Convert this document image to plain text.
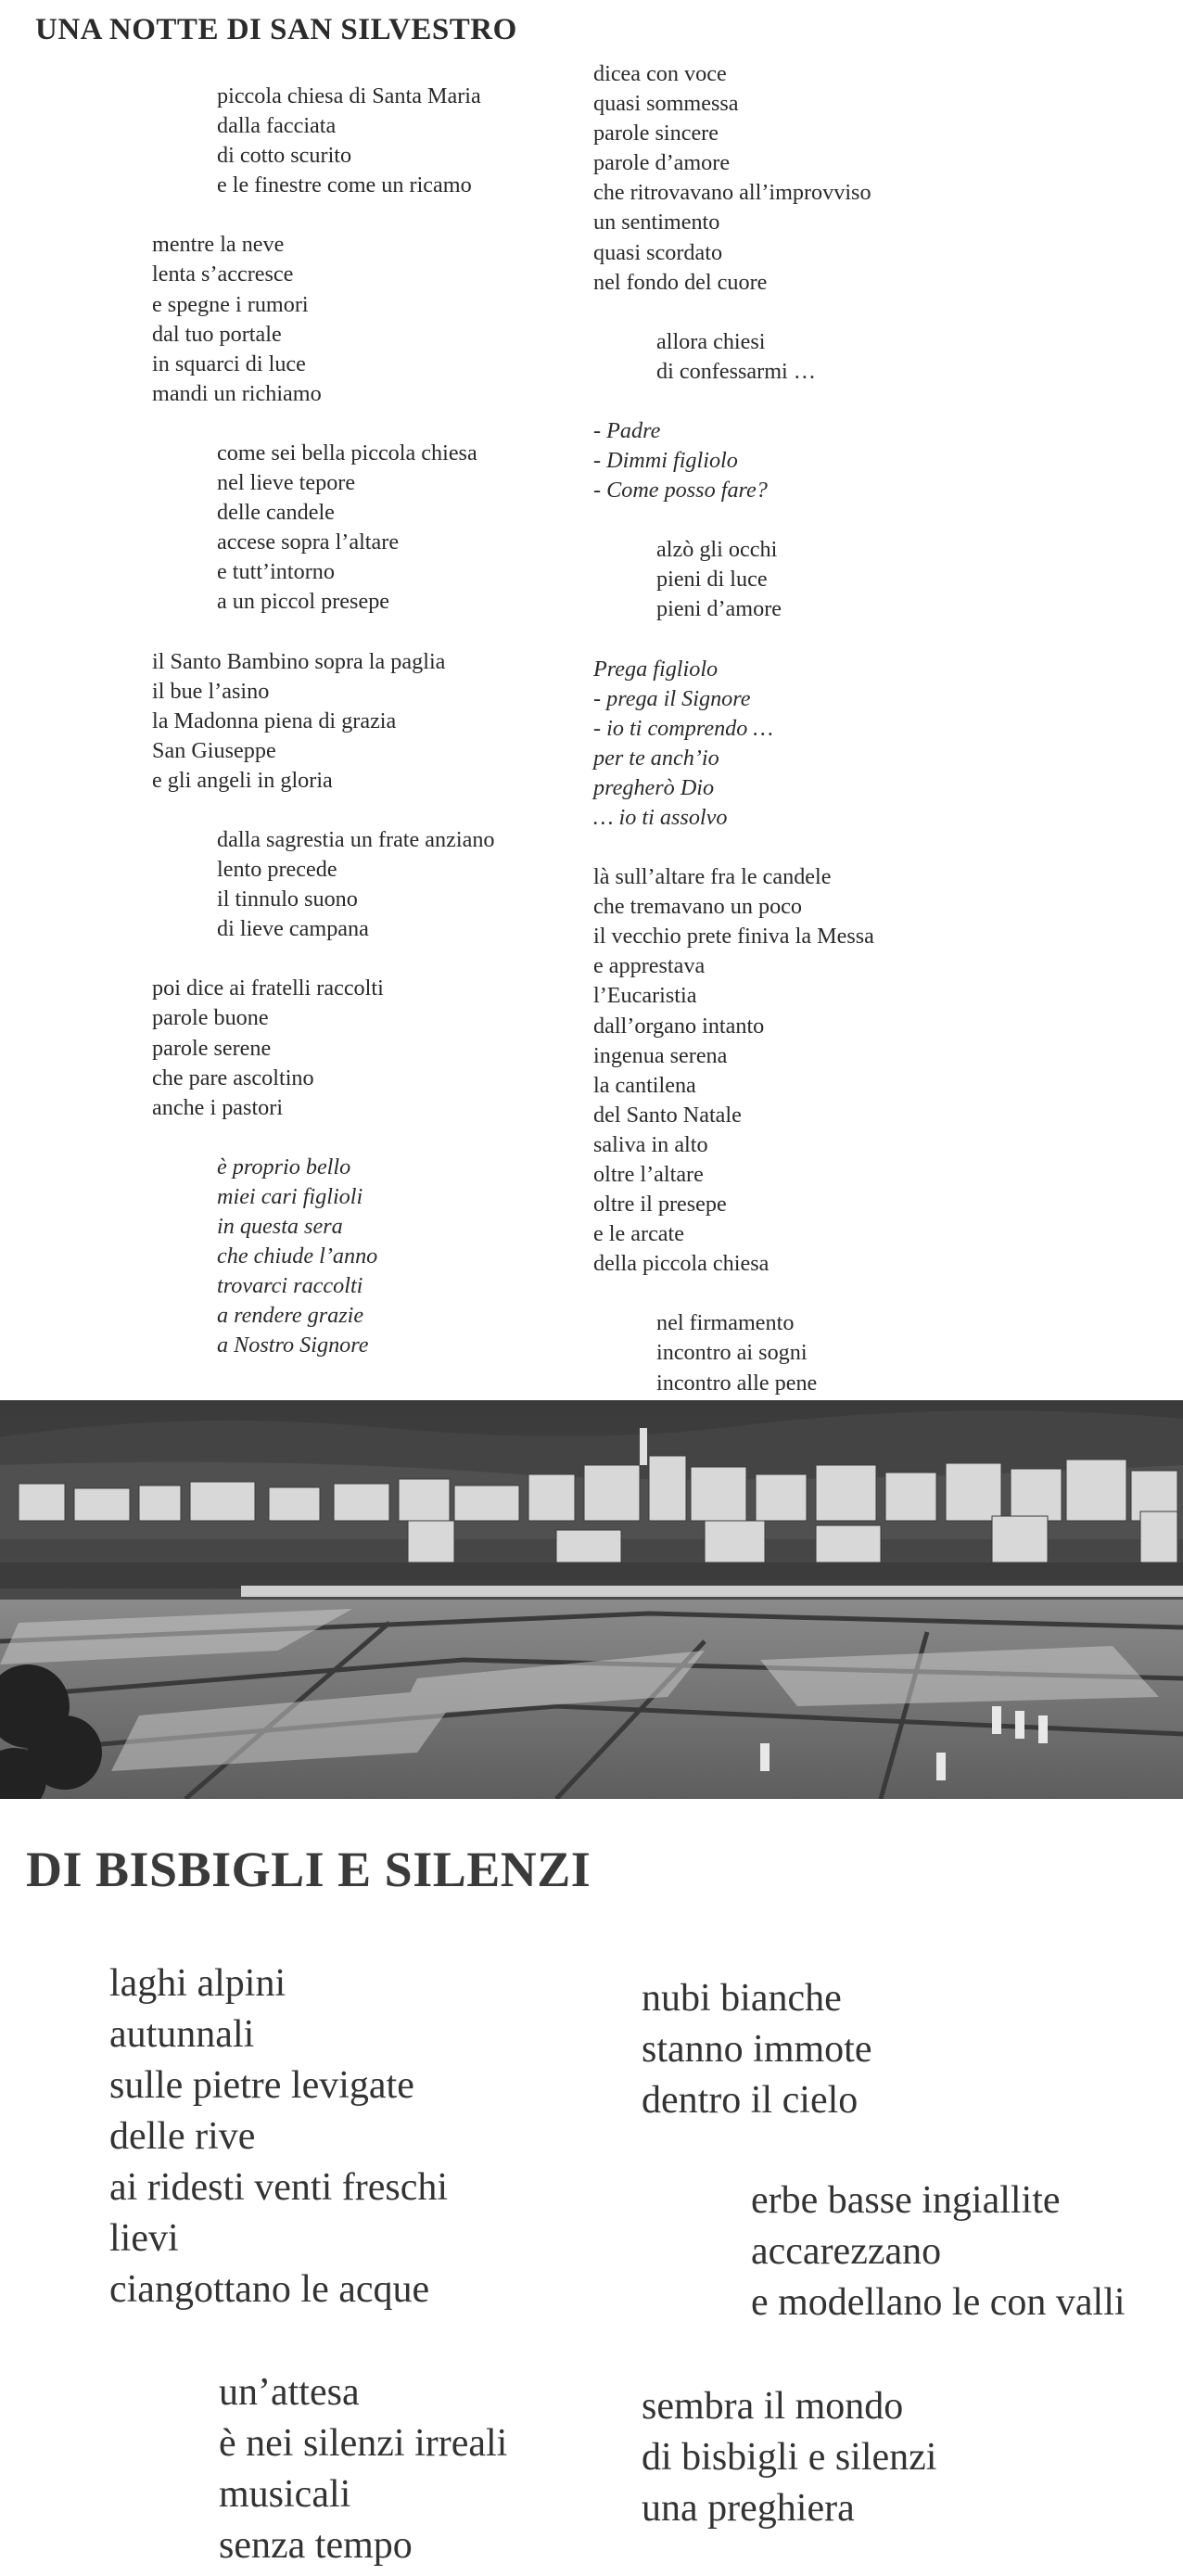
UNA NOTTE DI SAN SILVESTRO
piccola chiesa di Santa Maria
dalla facciata
di cotto scurito
e le finestre come un ricamo
mentre la neve
lenta s’accresce
e spegne i rumori
dal tuo portale
in squarci di luce
mandi un richiamo
come sei bella piccola chiesa
nel lieve tepore
delle candele
accese sopra l’altare
e tutt’intorno
a un piccol presepe
il Santo Bambino sopra la paglia
il bue l’asino
la Madonna piena di grazia
San Giuseppe
e gli angeli in gloria
dalla sagrestia un frate anziano
lento precede
il tinnulo suono
di lieve campana
poi dice ai fratelli raccolti
parole buone
parole serene
che pare ascoltino
anche i pastori
è proprio bello
miei cari figlioli
in questa sera
che chiude l’anno
trovarci raccolti
a rendere grazie
a Nostro Signore
dicea con voce
quasi sommessa
parole sincere
parole d’amore
che ritrovavano all’improvviso
un sentimento
quasi scordato
nel fondo del cuore
allora chiesi
di confessarmi …
- Padre
- Dimmi figliolo
- Come posso fare?
alzò gli occhi
pieni di luce
pieni d’amore
Prega figliolo
- prega il Signore
- io ti comprendo …
per te anch’io
pregherò Dio
… io ti assolvo
là sull’altare fra le candele
che tremavano un poco
il vecchio prete finiva la Messa
e apprestava
l’Eucaristia
dall’organo intanto
ingenua serena
la cantilena
del Santo Natale
saliva in alto
oltre l’altare
oltre il presepe
e le arcate
della piccola chiesa
nel firmamento
incontro ai sogni
incontro alle pene
DI BISBIGLI E SILENZI
laghi alpini
autunnali
sulle pietre levigate
delle rive
ai ridesti venti freschi
lievi
ciangottano le acque
un’attesa
è nei silenzi irreali
musicali
senza tempo
nubi bianche
stanno immote
dentro il cielo
erbe basse ingiallite
accarezzano
e modellano le con valli
sembra il mondo
di bisbigli e silenzi
una preghiera
